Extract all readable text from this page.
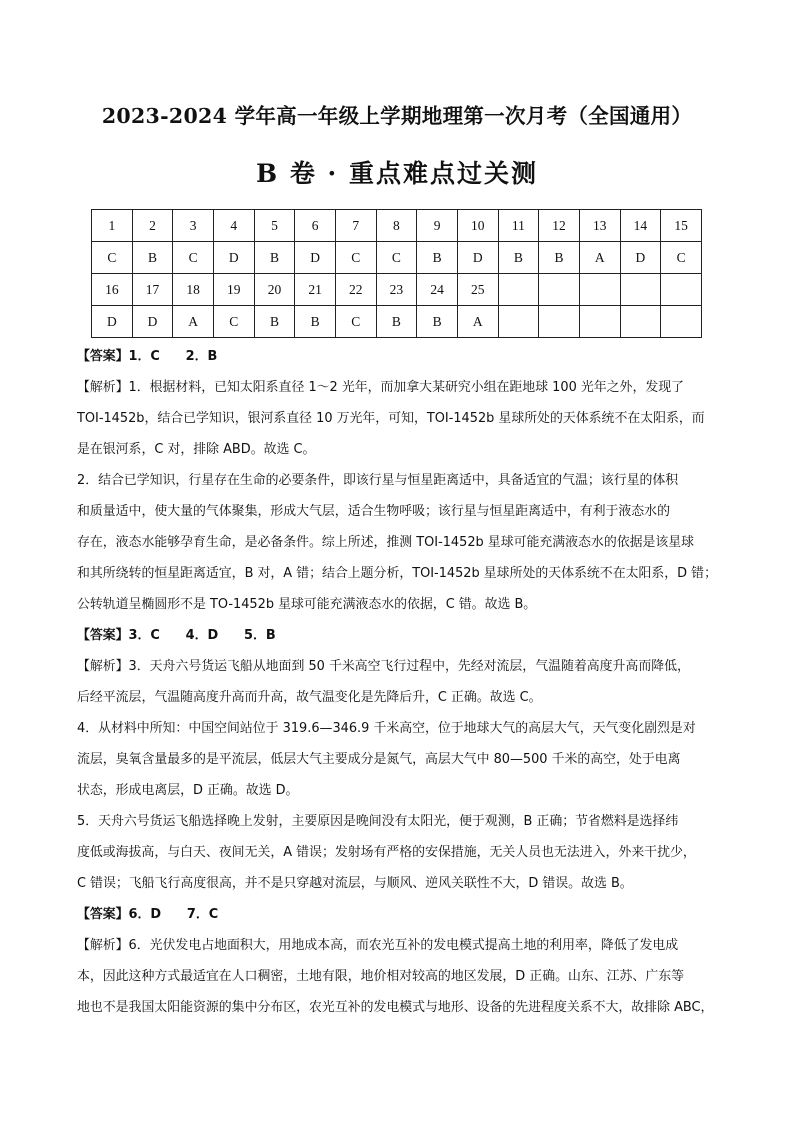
2023-2024 学年高一年级上学期地理第一次月考（全国通用）
B 卷 · 重点难点过关测
1	2	3	4	5	6	7	8	9	10	11	12	13	14	15
C	B	C	D	B	D	C	C	B	D	B	B	A	D	C
16	17	18	19	20	21	22	23	24	25					
D	D	A	C	B	B	C	B	B	A					

【答案】1．C　　2．B

【解析】1．根据材料，已知太阳系直径 1～2 光年，而加拿大某研究小组在距地球 100 光年之外，发现了

TOI-1452b，结合已学知识，银河系直径 10 万光年，可知，TOI-1452b 星球所处的天体系统不在太阳系，而

是在银河系，C 对，排除 ABD。故选 C。

2．结合已学知识，行星存在生命的必要条件，即该行星与恒星距离适中，具备适宜的气温；该行星的体积

和质量适中，使大量的气体聚集，形成大气层，适合生物呼吸；该行星与恒星距离适中，有利于液态水的

存在，液态水能够孕育生命，是必备条件。综上所述，推测 TOI-1452b 星球可能充满液态水的依据是该星球

和其所绕转的恒星距离适宜，B 对，A 错；结合上题分析，TOI-1452b 星球所处的天体系统不在太阳系，D 错；

公转轨道呈椭圆形不是 TO-1452b 星球可能充满液态水的依据，C 错。故选 B。

【答案】3．C　　4．D　　5．B

【解析】3．天舟六号货运飞船从地面到 50 千米高空飞行过程中，先经对流层，气温随着高度升高而降低，

后经平流层，气温随高度升高而升高，故气温变化是先降后升，C 正确。故选 C。

4．从材料中所知：中国空间站位于 319.6—346.9 千米高空，位于地球大气的高层大气，天气变化剧烈是对

流层，臭氧含量最多的是平流层，低层大气主要成分是氮气，高层大气中 80—500 千米的高空，处于电离

状态，形成电离层，D 正确。故选 D。

5．天舟六号货运飞船选择晚上发射，主要原因是晚间没有太阳光，便于观测，B 正确；节省燃料是选择纬

度低或海拔高，与白天、夜间无关，A 错误；发射场有严格的安保措施，无关人员也无法进入，外来干扰少，

C 错误；飞船飞行高度很高，并不是只穿越对流层，与顺风、逆风关联性不大，D 错误。故选 B。

【答案】6．D　　7．C

【解析】6．光伏发电占地面积大，用地成本高，而农光互补的发电模式提高土地的利用率，降低了发电成

本，因此这种方式最适宜在人口稠密，土地有限，地价相对较高的地区发展，D 正确。山东、江苏、广东等

地也不是我国太阳能资源的集中分布区，农光互补的发电模式与地形、设备的先进程度关系不大，故排除 ABC，
